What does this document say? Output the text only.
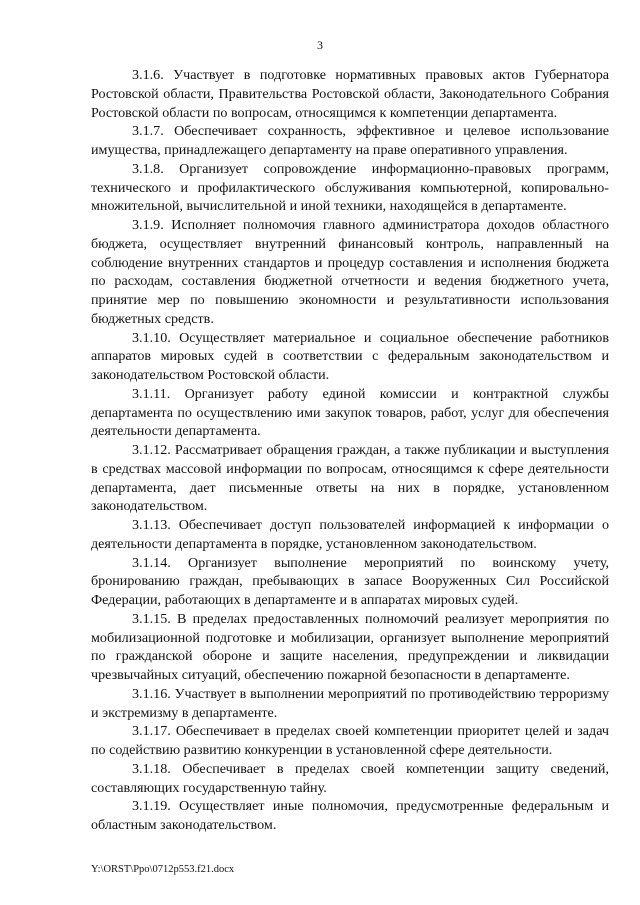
3

3.1.6. Участвует в подготовке нормативных правовых актов Губернатора Ростовской области, Правительства Ростовской области, Законодательного Собрания Ростовской области по вопросам, относящимся к компетенции департамента.

3.1.7. Обеспечивает сохранность, эффективное и целевое использование имущества, принадлежащего департаменту на праве оперативного управления.

3.1.8. Организует сопровождение информационно-правовых программ, технического и профилактического обслуживания компьютерной, копировально-множительной, вычислительной и иной техники, находящейся в департаменте.

3.1.9. Исполняет полномочия главного администратора доходов областного бюджета, осуществляет внутренний финансовый контроль, направленный на соблюдение внутренних стандартов и процедур составления и исполнения бюджета по расходам, составления бюджетной отчетности и ведения бюджетного учета, принятие мер по повышению экономности и результативности использования бюджетных средств.

3.1.10. Осуществляет материальное и социальное обеспечение работников аппаратов мировых судей в соответствии с федеральным законодательством и законодательством Ростовской области.

3.1.11. Организует работу единой комиссии и контрактной службы департамента по осуществлению ими закупок товаров, работ, услуг для обеспечения деятельности департамента.

3.1.12. Рассматривает обращения граждан, а также публикации и выступления в средствах массовой информации по вопросам, относящимся к сфере деятельности департамента, дает письменные ответы на них в порядке, установленном законодательством.

3.1.13. Обеспечивает доступ пользователей информацией к информации о деятельности департамента в порядке, установленном законодательством.

3.1.14. Организует выполнение мероприятий по воинскому учету, бронированию граждан, пребывающих в запасе Вооруженных Сил Российской Федерации, работающих в департаменте и в аппаратах мировых судей.

3.1.15. В пределах предоставленных полномочий реализует мероприятия по мобилизационной подготовке и мобилизации, организует выполнение мероприятий по гражданской обороне и защите населения, предупреждении и ликвидации чрезвычайных ситуаций, обеспечению пожарной безопасности в департаменте.

3.1.16. Участвует в выполнении мероприятий по противодействию терроризму и экстремизму в департаменте.

3.1.17. Обеспечивает в пределах своей компетенции приоритет целей и задач по содействию развитию конкуренции в установленной сфере деятельности.

3.1.18. Обеспечивает в пределах своей компетенции защиту сведений, составляющих государственную тайну.

3.1.19. Осуществляет иные полномочия, предусмотренные федеральным и областным законодательством.

Y:\ORST\Ppo\0712p553.f21.docx
